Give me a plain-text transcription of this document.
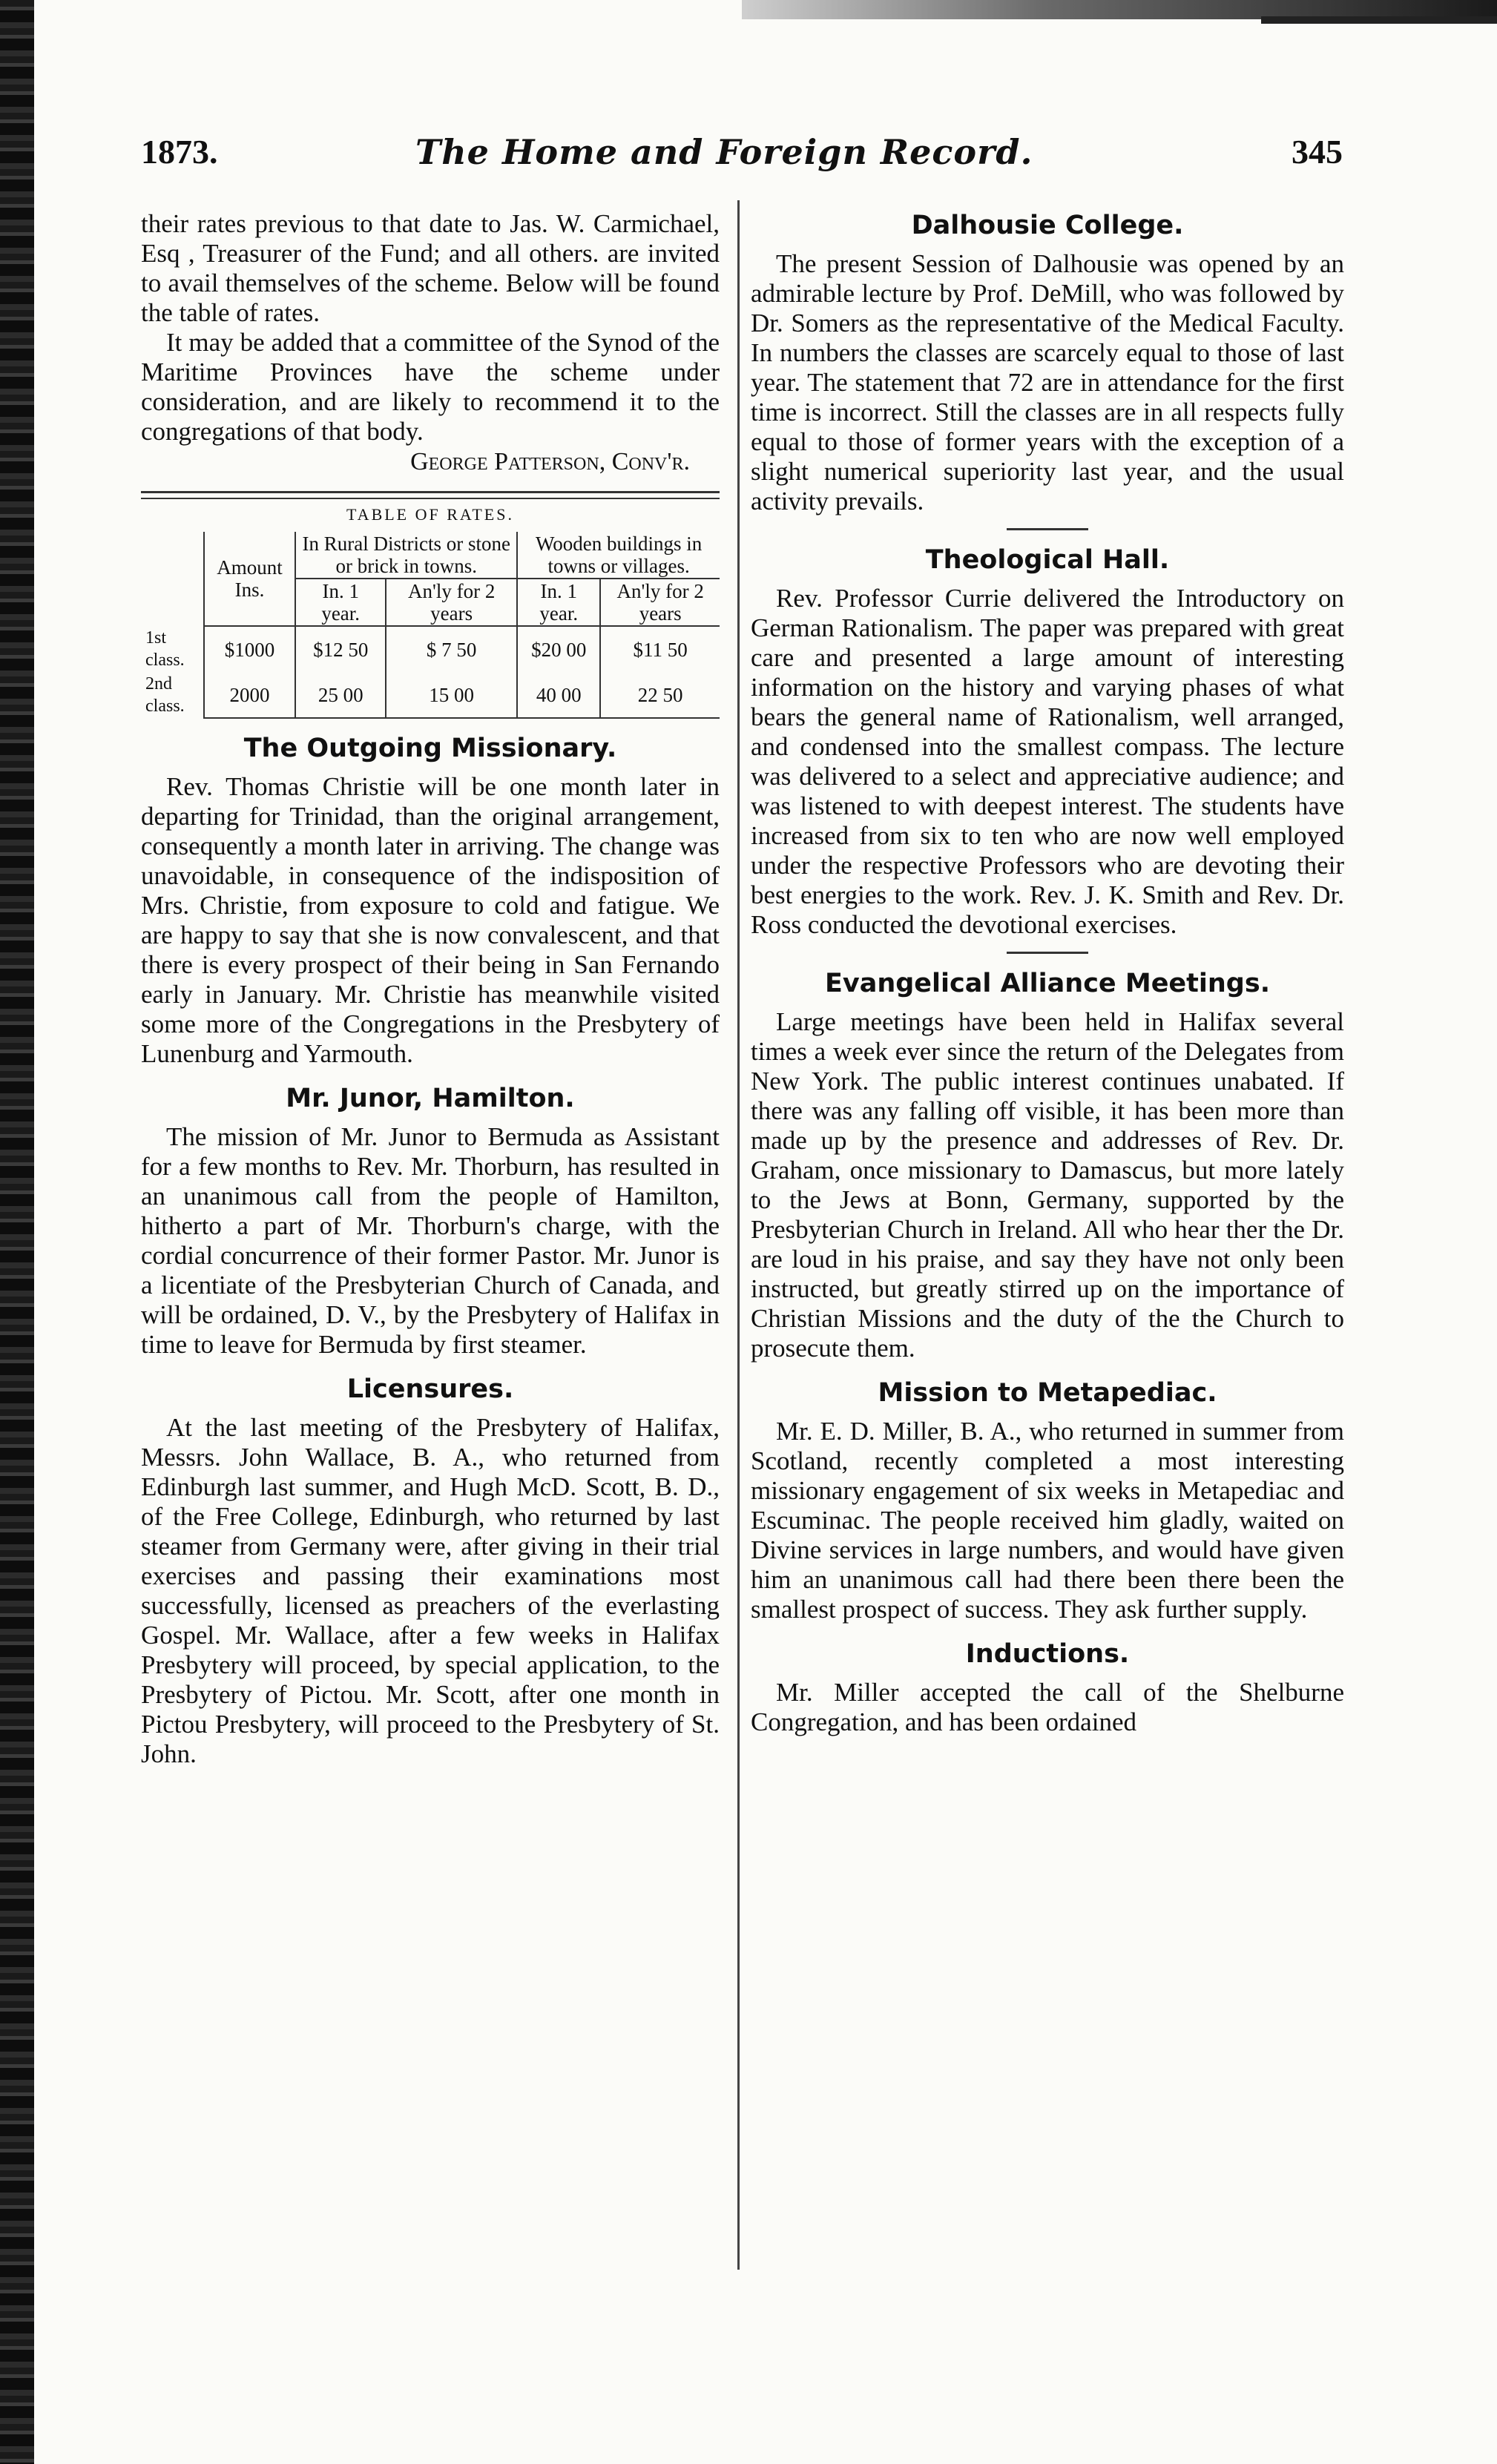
1873.	The Home and Foreign Record.	345

their rates previous to that date to Jas. W. Carmichael, Esq , Treasurer of the Fund; and all others. are invited to avail themselves of the scheme. Below will be found the table of rates.

It may be added that a committee of the Synod of the Maritime Provinces have the scheme under consideration, and are likely to recommend it to the congregations of that body.

George Patterson, Conv'r.
TABLE OF RATES.
	Amount Ins.	In Rural Districts or stone or brick in towns.		Wooden buildings in towns or villages.	
		In. 1 year.	An'ly for 2 years	In. 1 year.	An'ly for 2 years
1st class.	$1000	$12 50	$ 7 50	$20 00	$11 50
2nd class.	2000	25 00	15 00	40 00	22 50
The Outgoing Missionary.

Rev. Thomas Christie will be one month later in departing for Trinidad, than the original arrangement, consequently a month later in arriving. The change was unavoidable, in consequence of the indisposition of Mrs. Christie, from exposure to cold and fatigue. We are happy to say that she is now convalescent, and that there is every prospect of their being in San Fernando early in January. Mr. Christie has meanwhile visited some more of the Congregations in the Presbytery of Lunenburg and Yarmouth.

Mr. Junor, Hamilton.

The mission of Mr. Junor to Bermuda as Assistant for a few months to Rev. Mr. Thorburn, has resulted in an unanimous call from the people of Hamilton, hitherto a part of Mr. Thorburn's charge, with the cordial concurrence of their former Pastor. Mr. Junor is a licentiate of the Presbyterian Church of Canada, and will be ordained, D. V., by the Presbytery of Halifax in time to leave for Bermuda by first steamer.

Licensures.

At the last meeting of the Presbytery of Halifax, Messrs. John Wallace, B. A., who returned from Edinburgh last summer, and Hugh McD. Scott, B. D., of the Free College, Edinburgh, who returned by last steamer from Germany were, after giving in their trial exercises and passing their examinations most successfully, licensed as preachers of the everlasting Gospel. Mr. Wallace, after a few weeks in Halifax Presbytery will proceed, by special application, to the Presbytery of Pictou. Mr. Scott, after one month in Pictou Presbytery, will proceed to the Presbytery of St. John.

Dalhousie College.

The present Session of Dalhousie was opened by an admirable lecture by Prof. DeMill, who was followed by Dr. Somers as the representative of the Medical Faculty. In numbers the classes are scarcely equal to those of last year. The statement that 72 are in attendance for the first time is incorrect. Still the classes are in all respects fully equal to those of former years with the exception of a slight numerical superiority last year, and the usual activity prevails.

Theological Hall.

Rev. Professor Currie delivered the Introductory on German Rationalism. The paper was prepared with great care and presented a large amount of interesting information on the history and varying phases of what bears the general name of Rationalism, well arranged, and condensed into the smallest compass. The lecture was delivered to a select and appreciative audience; and was listened to with deepest interest. The students have increased from six to ten who are now well employed under the respective Professors who are devoting their best energies to the work. Rev. J. K. Smith and Rev. Dr. Ross conducted the devotional exercises.

Evangelical Alliance Meetings.

Large meetings have been held in Halifax several times a week ever since the return of the Delegates from New York. The public interest continues unabated. If there was any falling off visible, it has been more than made up by the presence and addresses of Rev. Dr. Graham, once missionary to Damascus, but more lately to the Jews at Bonn, Germany, supported by the Presbyterian Church in Ireland. All who hear ther the Dr. are loud in his praise, and say they have not only been instructed, but greatly stirred up on the importance of Christian Missions and the duty of the the Church to prosecute them.

Mission to Metapediac.

Mr. E. D. Miller, B. A., who returned in summer from Scotland, recently completed a most interesting missionary engagement of six weeks in Metapediac and Escuminac. The people received him gladly, waited on Divine services in large numbers, and would have given him an unanimous call had there been there been the smallest prospect of success. They ask further supply.

Inductions.

Mr. Miller accepted the call of the Shelburne Congregation, and has been ordained
